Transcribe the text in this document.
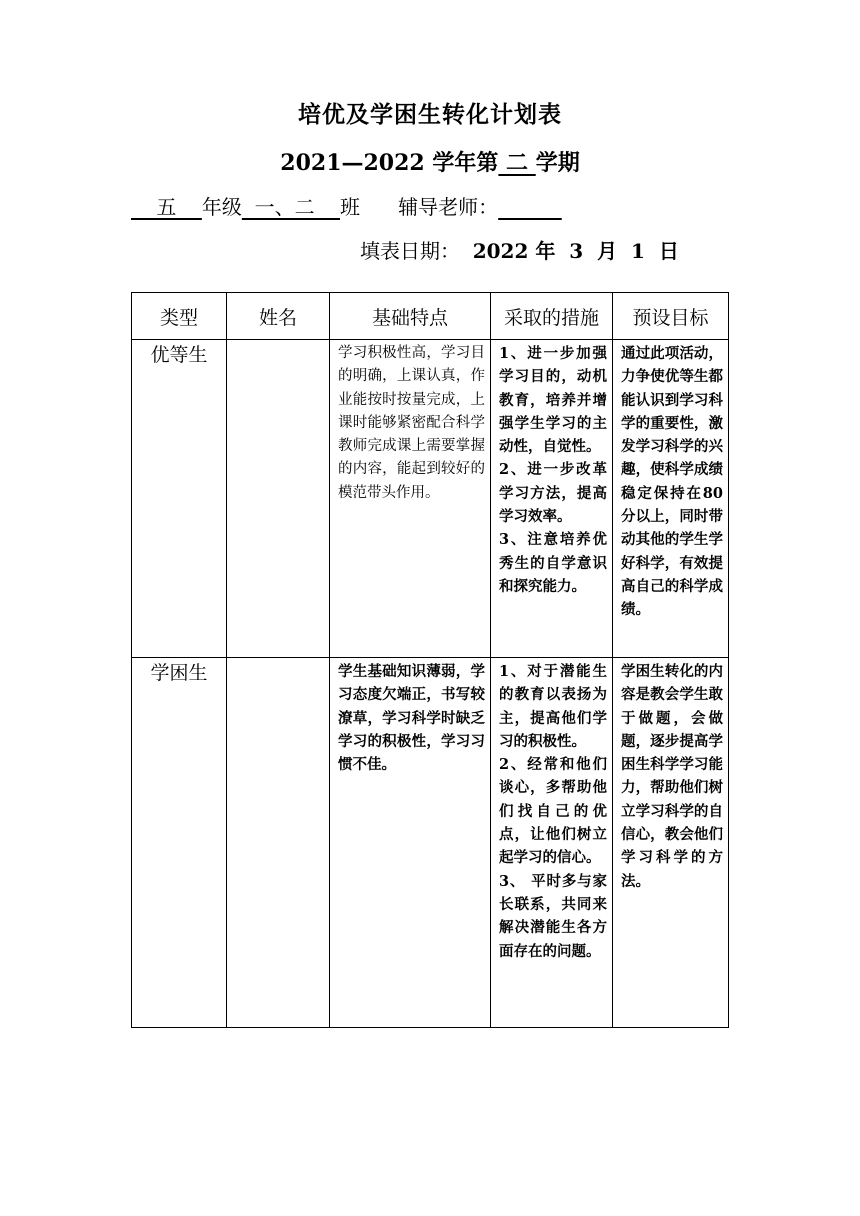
培优及学困生转化计划表
2021—2022 学年第 二 学期
五    年级  一、二    班 辅导老师：
填表日期： 2022 年  3  月  1  日
类型	姓名	基础特点	采取的措施	预设目标
优等生		学习积极性高，学习目的明确，上课认真，作业能按时按量完成，上课时能够紧密配合科学教师完成课上需要掌握的内容，能起到较好的模范带头作用。	1、进一步加强学习目的，动机教育，培养并增强学生学习的主动性，自觉性。
2、进一步改革学习方法，提高学习效率。
3、注意培养优秀生的自学意识和探究能力。	通过此项活动，力争使优等生都能认识到学习科学的重要性，激发学习科学的兴趣，使科学成绩稳定保持在80分以上，同时带动其他的学生学好科学，有效提高自己的科学成绩。

学困生		学生基础知识薄弱，学习态度欠端正，书写较潦草，学习科学时缺乏学习的积极性，学习习惯不佳。	1、对于潜能生的教育以表扬为主，提高他们学习的积极性。
2、经常和他们谈心，多帮助他们找自己的优点，让他们树立起学习的信心。
3、 平时多与家长联系，共同来解决潜能生各方面存在的问题。	学困生转化的内容是教会学生敢于做题，会做题，逐步提高学困生科学学习能力，帮助他们树立学习科学的自信心，教会他们学习科学的方法。
